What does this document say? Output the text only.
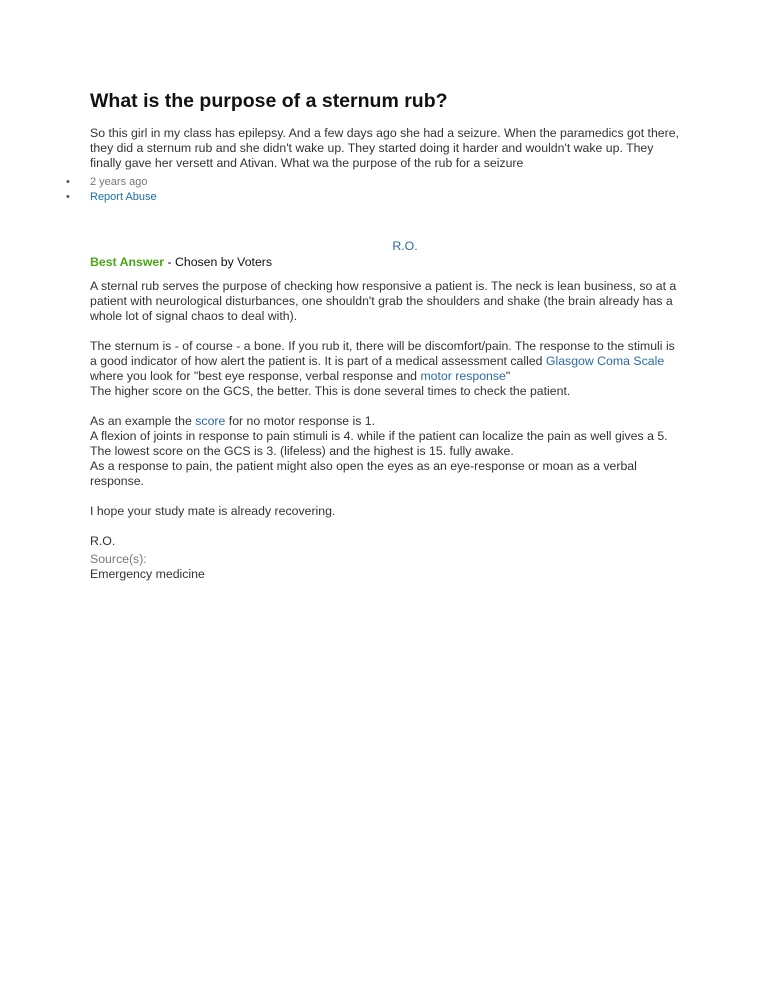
What is the purpose of a sternum rub?

So this girl in my class has epilepsy. And a few days ago she had a seizure. When the paramedics got there, they did a sternum rub and she didn't wake up. They started doing it harder and wouldn't wake up. They finally gave her versett and Ativan. What wa the purpose of the rub for a seizure

• 2 years ago
• Report Abuse
R.O.
Best Answer - Chosen by Voters

A sternal rub serves the purpose of checking how responsive a patient is. The neck is lean business, so at a patient with neurological disturbances, one shouldn't grab the shoulders and shake (the brain already has a whole lot of signal chaos to deal with).

The sternum is - of course - a bone. If you rub it, there will be discomfort/pain. The response to the stimuli is a good indicator of how alert the patient is. It is part of a medical assessment called Glasgow Coma Scale where you look for "best eye response, verbal response and motor response"
The higher score on the GCS, the better. This is done several times to check the patient.

As an example the score for no motor response is 1.
A flexion of joints in response to pain stimuli is 4. while if the patient can localize the pain as well gives a 5.
The lowest score on the GCS is 3. (lifeless) and the highest is 15. fully awake.
As a response to pain, the patient might also open the eyes as an eye-response or moan as a verbal response.

I hope your study mate is already recovering.

R.O.

Source(s):
Emergency medicine
